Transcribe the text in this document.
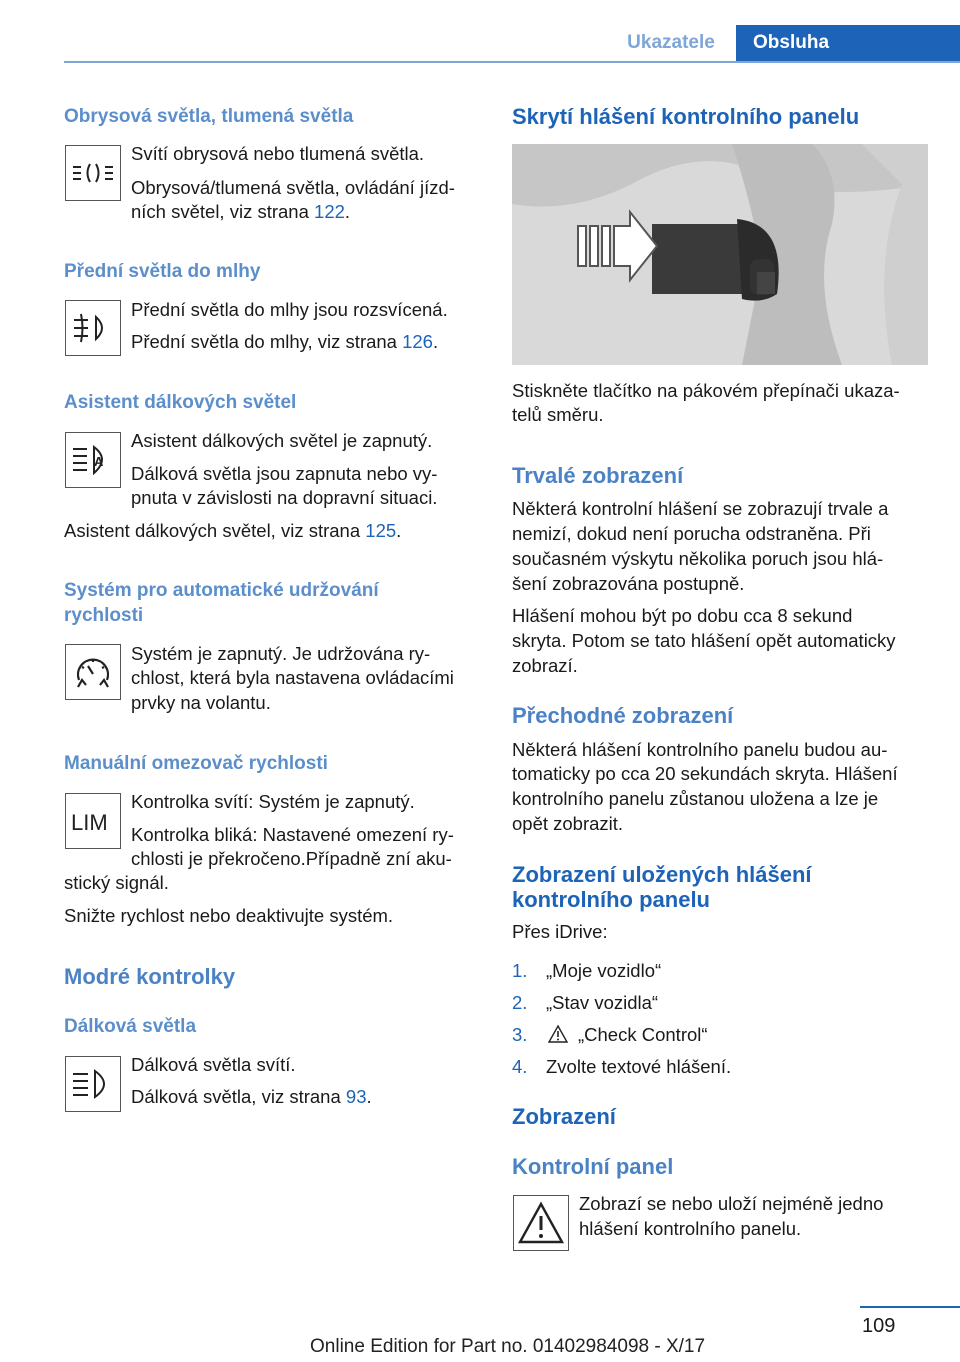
Ukazatele	Obsluha
Obrysová světla, tlumená světla
Svítí obrysová nebo tlumená světla.
Obrysová/tlumená světla, ovládání jízd‐
ních světel, viz strana 122.
Přední světla do mlhy
Přední světla do mlhy jsou rozsvícená.
Přední světla do mlhy, viz strana 126.
Asistent dálkových světel
A
Asistent dálkových světel je zapnutý.
Dálková světla jsou zapnuta nebo vy‐
pnuta v závislosti na dopravní situaci.
Asistent dálkových světel, viz strana 125.
Systém pro automatické udržování
rychlosti
Systém je zapnutý. Je udržována ry‐
chlost, která byla nastavena ovládacími
prvky na volantu.
Manuální omezovač rychlosti
LIM
Kontrolka svítí: Systém je zapnutý.
Kontrolka bliká: Nastavené omezení ry‐
chlosti je překročeno.Případně zní aku‐
stický signál.
Snižte rychlost nebo deaktivujte systém.
Modré kontrolky
Dálková světla
Dálková světla svítí.
Dálková světla, viz strana 93.
Skrytí hlášení kontrolního panelu
Stiskněte tlačítko na pákovém přepínači ukaza‐
telů směru.
Trvalé zobrazení
Některá kontrolní hlášení se zobrazují trvale a
nemizí, dokud není porucha odstraněna. Při
současném výskytu několika poruch jsou hlá‐
šení zobrazována postupně.
Hlášení mohou být po dobu cca 8 sekund
skryta. Potom se tato hlášení opět automaticky
zobrazí.
Přechodné zobrazení
Některá hlášení kontrolního panelu budou au‐
tomaticky po cca 20 sekundách skryta. Hlášení
kontrolního panelu zůstanou uložena a lze je
opět zobrazit.
Zobrazení uložených hlášení
kontrolního panelu
Přes iDrive:
1. „Moje vozidlo“
2. „Stav vozidla“
3.	„Check Control“
4. Zvolte textové hlášení.
Zobrazení
Kontrolní panel
Zobrazí se nebo uloží nejméně jedno
hlášení kontrolního panelu.
109
Online Edition for Part no. 01402984098 - X/17
